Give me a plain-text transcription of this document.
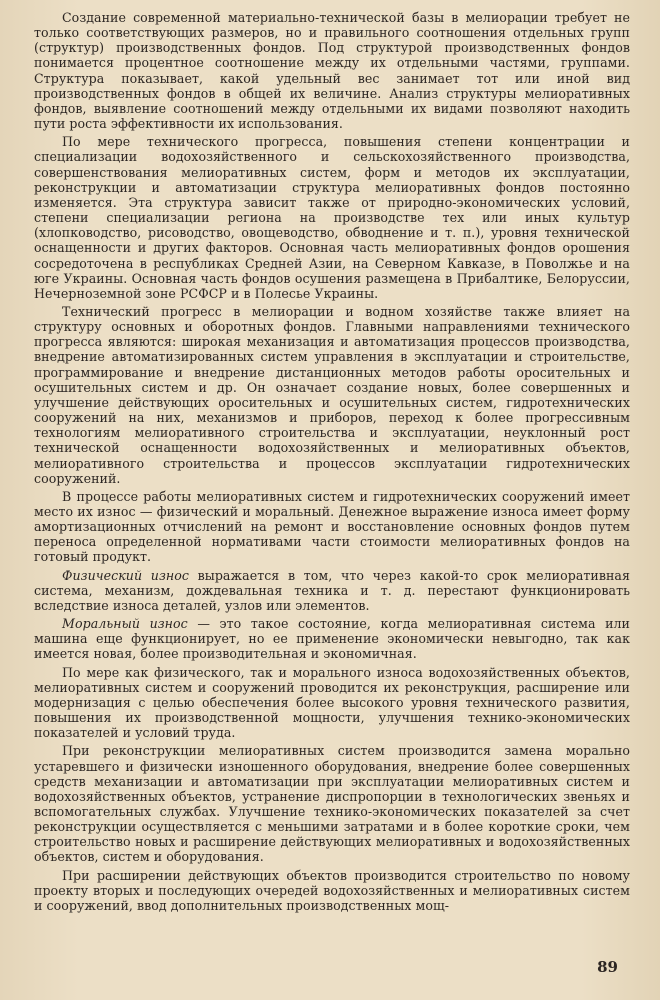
Создание современной материально-технической базы в мелиорации требует не только соответствующих размеров, но и правильного соотношения отдельных групп (структур) производственных фондов. Под структурой производственных фондов понимается процентное соотношение между их отдельными частями, группами. Структура показывает, какой удельный вес занимает тот или иной вид производственных фондов в общей их величине. Анализ структуры мелиоративных фондов, выявление соотношений между отдельными их видами позволяют находить пути роста эффективности их использования.

По мере технического прогресса, повышения степени концентрации и специализации водохозяйственного и сельскохозяйственного производства, совершенствования мелиоративных систем, форм и методов их эксплуатации, реконструкции и автоматизации структура мелиоративных фондов постоянно изменяется. Эта структура зависит также от природно-экономических условий, степени специализации региона на производстве тех или иных культур (хлопководство, рисоводство, овощеводство, обводнение и т. п.), уровня технической оснащенности и других факторов. Основная часть мелиоративных фондов орошения сосредоточена в республиках Средней Азии, на Северном Кавказе, в Поволжье и на юге Украины. Основная часть фондов осушения размещена в Прибалтике, Белоруссии, Нечерноземной зоне РСФСР и в Полесье Украины.

Технический прогресс в мелиорации и водном хозяйстве также влияет на структуру основных и оборотных фондов. Главными направлениями технического прогресса являются: широкая механизация и автоматизация процессов производства, внедрение автоматизированных систем управления в эксплуатации и строительстве, программирование и внедрение дистанционных методов работы оросительных и осушительных систем и др. Он означает создание новых, более совершенных и улучшение действующих оросительных и осушительных систем, гидротехнических сооружений на них, механизмов и приборов, переход к более прогрессивным технологиям мелиоративного строительства и эксплуатации, неуклонный рост технической оснащенности водохозяйственных и мелиоративных объектов, мелиоративного строительства и процессов эксплуатации гидротехнических сооружений.

В процессе работы мелиоративных систем и гидротехнических сооружений имеет место их износ — физический и моральный. Денежное выражение износа имеет форму амортизационных отчислений на ремонт и восстановление основных фондов путем переноса определенной нормативами части стоимости мелиоративных фондов на готовый продукт.

Физический износ выражается в том, что через какой-то срок мелиоративная система, механизм, дождевальная техника и т. д. перестают функционировать вследствие износа деталей, узлов или элементов.

Моральный износ — это такое состояние, когда мелиоративная система или машина еще функционирует, но ее применение экономически невыгодно, так как имеется новая, более производительная и экономичная.

По мере как физического, так и морального износа водохозяйственных объектов, мелиоративных систем и сооружений проводится их реконструкция, расширение или модернизация с целью обеспечения более высокого уровня технического развития, повышения их производственной мощности, улучшения технико-экономических показателей и условий труда.

При реконструкции мелиоративных систем производится замена морально устаревшего и физически изношенного оборудования, внедрение более совершенных средств механизации и автоматизации при эксплуатации мелиоративных систем и водохозяйственных объектов, устранение диспропорции в технологических звеньях и вспомогательных службах. Улучшение технико-экономических показателей за счет реконструкции осуществляется с меньшими затратами и в более короткие сроки, чем строительство новых и расширение действующих мелиоративных и водохозяйственных объектов, систем и оборудования.

При расширении действующих объектов производится строительство по новому проекту вторых и последующих очередей водохозяйственных и мелиоративных систем и сооружений, ввод дополнительных производственных мощ-

89
